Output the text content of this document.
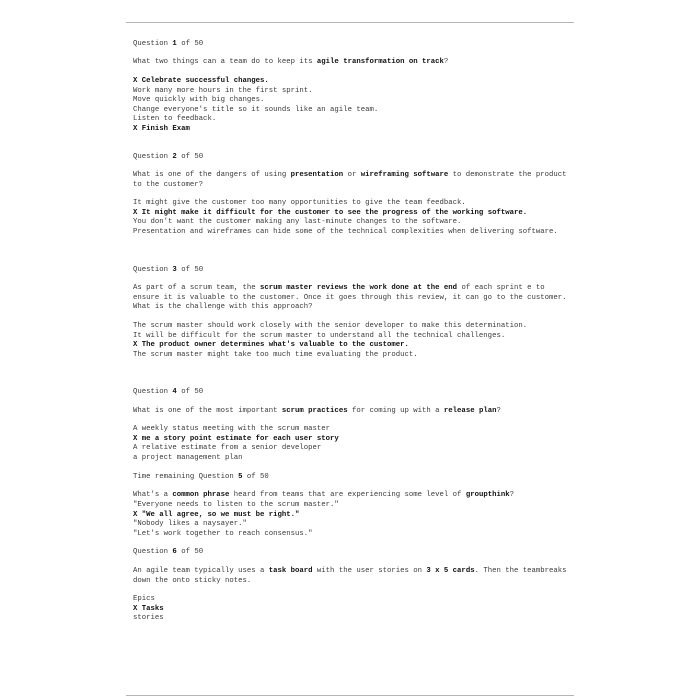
Question 1 of 50
What two things can a team do to keep its agile transformation on track?
X Celebrate successful changes.
Work many more hours in the first sprint.
Move quickly with big changes.
Change everyone's title so it sounds like an agile team.
Listen to feedback.
X Finish Exam
Question 2 of 50
What is one of the dangers of using presentation or wireframing software to demonstrate the product to the customer?
It might give the customer too many opportunities to give the team feedback.
X It might make it difficult for the customer to see the progress of the working software.
You don't want the customer making any last-minute changes to the software.
Presentation and wireframes can hide some of the technical complexities when delivering software.
Question 3 of 50
As part of a scrum team, the scrum master reviews the work done at the end of each sprint e to ensure it is valuable to the customer. Once it goes through this review, it can go to the customer. What is the challenge with this approach?
The scrum master should work closely with the senior developer to make this determination.
It will be difficult for the scrum master to understand all the technical challenges.
X The product owner determines what's valuable to the customer.
The scrum master might take too much time evaluating the product.
Question 4 of 50
What is one of the most important scrum practices for coming up with a release plan?
A weekly status meeting with the scrum master
X me a story point estimate for each user story
A relative estimate from a senior developer
a project management plan
Time remaining Question 5 of 50
What's a common phrase heard from teams that are experiencing some level of groupthink?
"Everyone needs to listen to the scrum master."
X "We all agree, so we must be right."
"Nobody likes a naysayer."
"Let's work together to reach consensus."
Question 6 of 50
An agile team typically uses a task board with the user stories on 3 x 5 cards. Then the teambreaks down the onto sticky notes.
Epics
X Tasks
stories
